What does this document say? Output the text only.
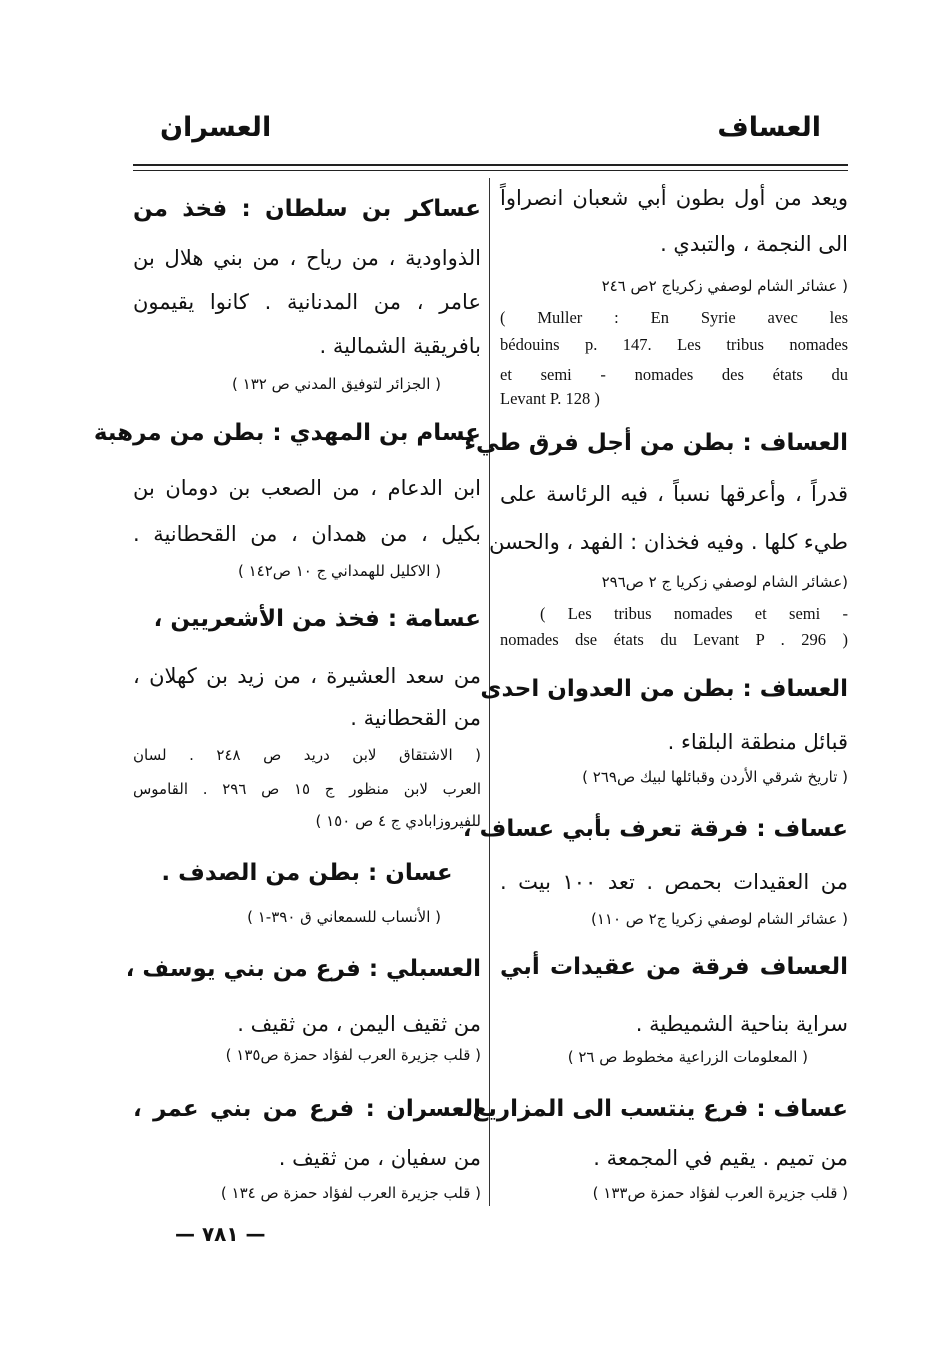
العساف
العسران
ويعد من أول بطون أبي شعبان انصراواً
الى النجمة ، والتبدي .
( عشائر الشام لوصفي زكرياج ٢ص ٢٤٦
( Muller : En Syrie avec les
bédouins p. 147. Les tribus nomades
et semi - nomades des états du
Levant P. 128 )
العساف : بطن من أجل فرق طيء
قدراً ، وأعرقها نسباً ، فيه الرئاسة على
طيء كلها . وفيه فخذان : الفهد ، والحسن
(عشائر الشام لوصفي زكريا ج ٢ ص٢٩٦
( Les tribus nomades et semi -
nomades dse états du Levant P . 296 )
العساف : بطن من العدوان احدى
قبائل منطقة البلقاء .
( تاريخ شرقي الأردن وقبائلها لبيك ص٢٦٩ )
عساف : فرقة تعرف بأبي عساف ،
من العقيدات بحمص . تعد ١٠٠ بيت .
( عشائر الشام لوصفي زكريا ج٢ ص ١١٠)
العساف فرقة من عقيدات أبي
سراية بناحية الشميطية .
( المعلومات الزراعية مخطوط ص ٢٦ )
عساف : فرع ينتسب الى المزاريع ،
من تميم . يقيم في المجمعة .
( قلب جزيرة العرب لفؤاد حمزة ص١٣٣ )
عساكر بن سلطان : فخذ من
الذواودية ، من رياح ، من بني هلال بن
عامر ، من المدنانية . كانوا يقيمون
بافريقية الشمالية .
( الجزائر لتوفيق المدني ص ١٣٢ )
عسام بن المهدي : بطن من مرهبة
ابن الدعام ، من الصعب بن دومان بن
بكيل ، من همدان ، من القحطانية .
( الاكليل للهمداني ج ١٠ ص١٤٢ )
عسامة : فخذ من الأشعريين ،
من سعد العشيرة ، من زيد بن كهلان ،
من القحطانية .
( الاشتقاق لابن دريد ص ٢٤٨ . لسان
العرب لابن منظور ج ١٥ ص ٢٩٦ . القاموس
للفيروزابادي ج ٤ ص ١٥٠ )
عسان : بطن من الصدف .
( الأنساب للسمعاني ق ٣٩٠-١ )
العسبلي : فرع من بني يوسف ،
من ثقيف اليمن ، من ثقيف .
( قلب جزيرة العرب لفؤاد حمزة ص١٣٥ )
العسران : فرع من بني عمر ،
من سفيان ، من ثقيف .
( قلب جزيرة العرب لفؤاد حمزة ص ١٣٤ )
— ٧٨١ —
